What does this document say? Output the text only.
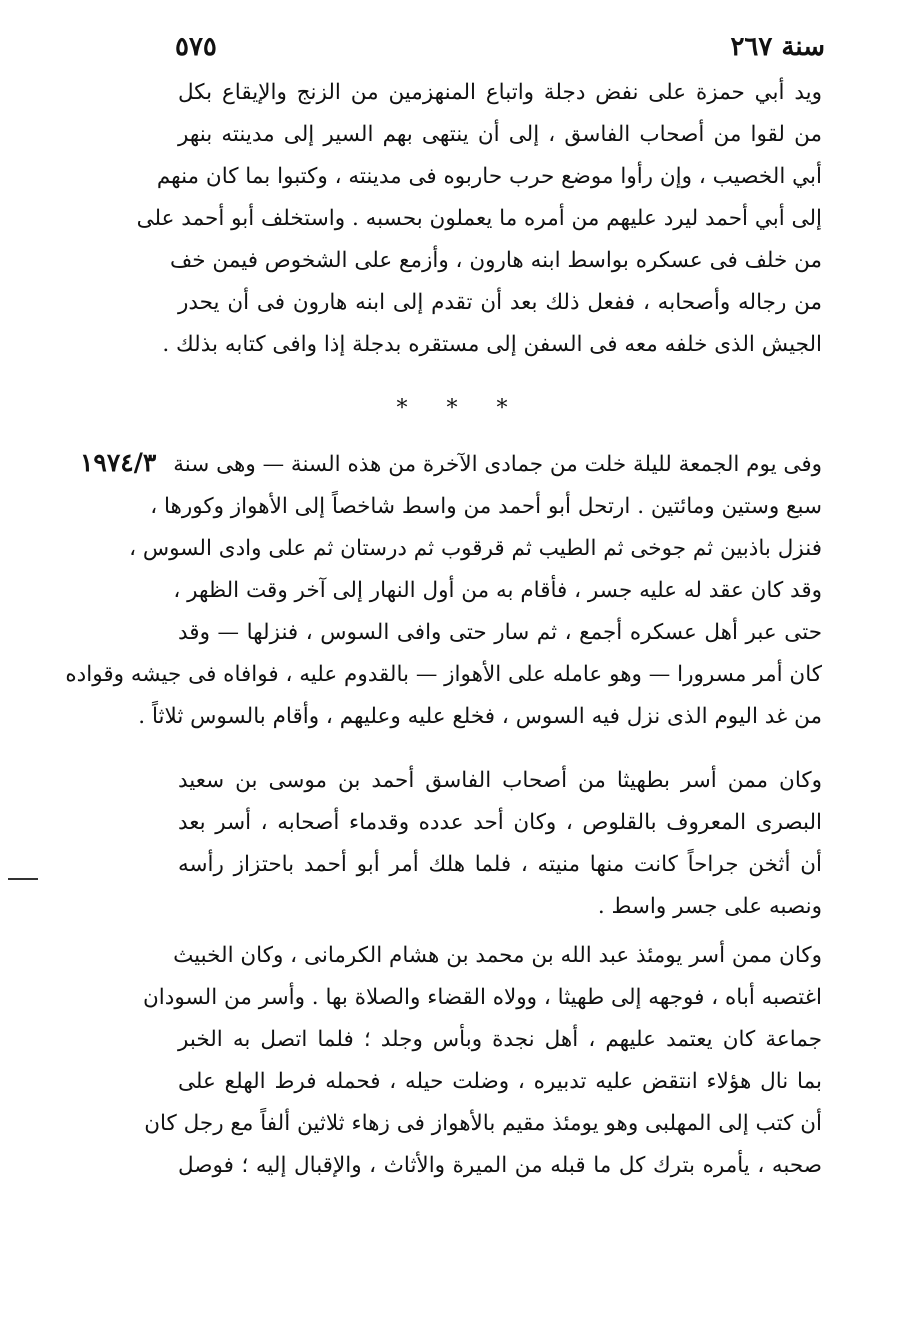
سنة ٢٦٧
٥٧٥
ويد أبي حمزة على نفض دجلة واتباع المنهزمين من الزنج والإيقاع بكل
من لقوا من أصحاب الفاسق ، إلى أن ينتهى بهم السير إلى مدينته بنهر
أبي الخصيب ، وإن رأوا موضع حرب حاربوه فى مدينته ، وكتبوا بما كان منهم
إلى أبي أحمد ليرد عليهم من أمره ما يعملون بحسبه . واستخلف أبو أحمد على
من خلف فى عسكره بواسط ابنه هارون ، وأزمع على الشخوص فيمن خف
من رجاله وأصحابه ، ففعل ذلك بعد أن تقدم إلى ابنه هارون فى أن يحدر
الجيش الذى خلفه معه فى السفن إلى مستقره بدجلة إذا وافى كتابه بذلك .
* * *
١٩٧٤/٣ وفى يوم الجمعة لليلة خلت من جمادى الآخرة من هذه السنة — وهى سنة
سبع وستين ومائتين . ارتحل أبو أحمد من واسط شاخصاً إلى الأهواز وكورها ،
فنزل باذبين ثم جوخى ثم الطيب ثم قرقوب ثم درستان ثم على وادى السوس ،
وقد كان عقد له عليه جسر ، فأقام به من أول النهار إلى آخر وقت الظهر ،
حتى عبر أهل عسكره أجمع ، ثم سار حتى وافى السوس ، فنزلها — وقد
كان أمر مسرورا — وهو عامله على الأهواز — بالقدوم عليه ، فوافاه فى جيشه وقواده
من غد اليوم الذى نزل فيه السوس ، فخلع عليه وعليهم ، وأقام بالسوس ثلاثاً .
وكان ممن أسر بطهيثا من أصحاب الفاسق أحمد بن موسى بن سعيد
البصرى المعروف بالقلوص ، وكان أحد عدده وقدماء أصحابه ، أسر بعد
أن أثخن جراحاً كانت منها منيته ، فلما هلك أمر أبو أحمد باحتزاز رأسه
ونصبه على جسر واسط .
وكان ممن أسر يومئذ عبد الله بن محمد بن هشام الكرمانى ، وكان الخبيث
اغتصبه أباه ، فوجهه إلى طهيثا ، وولاه القضاء والصلاة بها . وأسر من السودان
جماعة كان يعتمد عليهم ، أهل نجدة وبأس وجلد ؛ فلما اتصل به الخبر
بما نال هؤلاء انتقض عليه تدبيره ، وضلت حيله ، فحمله فرط الهلع على
أن كتب إلى المهلبى وهو يومئذ مقيم بالأهواز فى زهاء ثلاثين ألفاً مع رجل كان
صحبه ، يأمره بترك كل ما قبله من الميرة والأثاث ، والإقبال إليه ؛ فوصل
